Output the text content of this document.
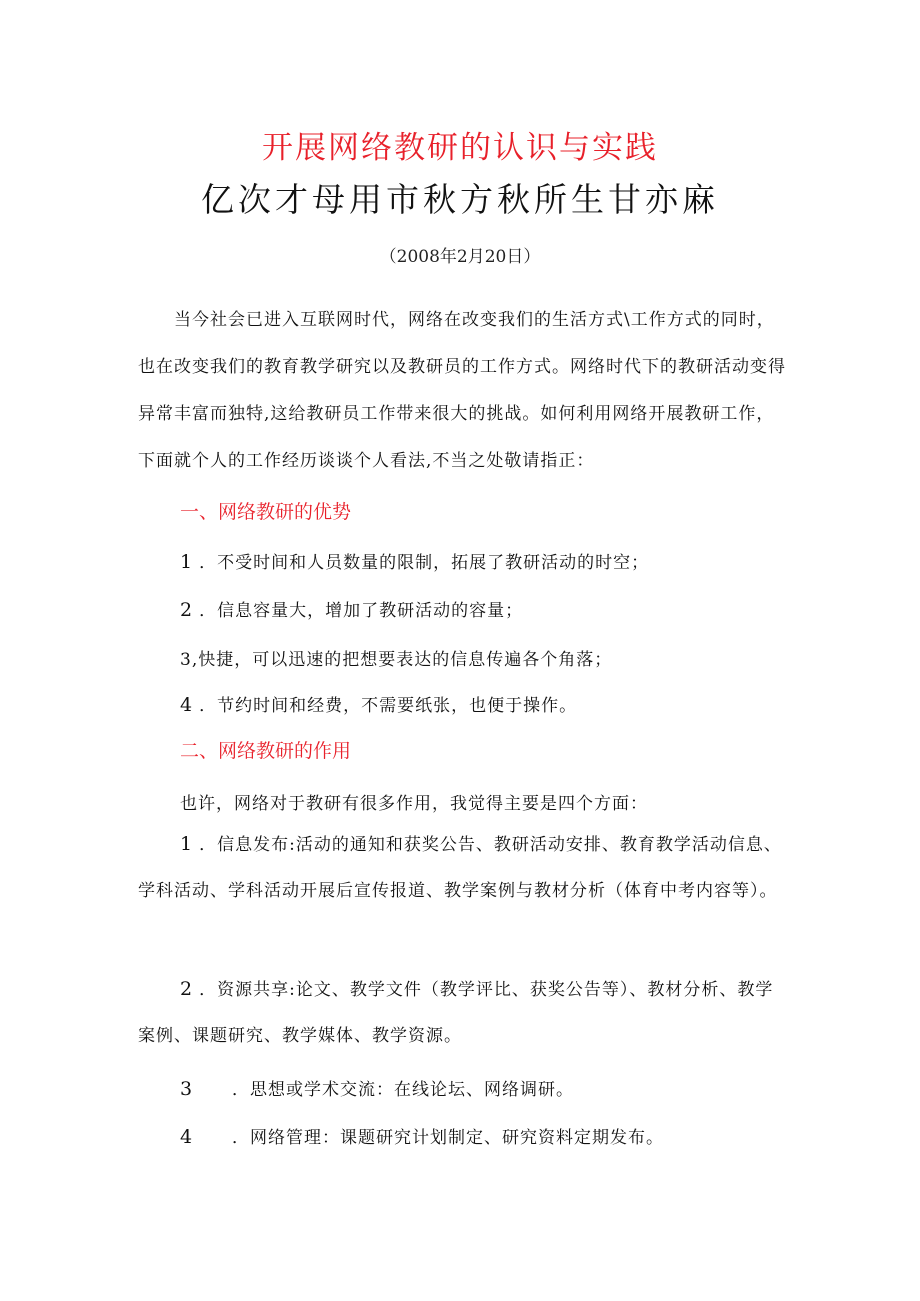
开展网络教研的认识与实践
亿次才母用市秋方秋所生甘亦麻
（2008年2月20日）

当今社会已进入互联网时代，网络在改变我们的生活方式\工作方式的同时，也在改变我们的教育教学研究以及教研员的工作方式。网络时代下的教研活动变得异常丰富而独特,这给教研员工作带来很大的挑战。如何利用网络开展教研工作，下面就个人的工作经历谈谈个人看法,不当之处敬请指正：

一、网络教研的优势

1 ．不受时间和人员数量的限制，拓展了教研活动的时空；

2 ．信息容量大，增加了教研活动的容量；

3,快捷，可以迅速的把想要表达的信息传遍各个角落；

4 ．节约时间和经费，不需要纸张，也便于操作。

二、网络教研的作用

也许，网络对于教研有很多作用，我觉得主要是四个方面：

1 ．信息发布:活动的通知和获奖公告、教研活动安排、教育教学活动信息、学科活动、学科活动开展后宣传报道、教学案例与教材分析（体育中考内容等）。

2 ．资源共享:论文、教学文件（教学评比、获奖公告等）、教材分析、教学案例、课题研究、教学媒体、教学资源。

3 ．思想或学术交流：在线论坛、网络调研。

4 ．网络管理：课题研究计划制定、研究资料定期发布。
